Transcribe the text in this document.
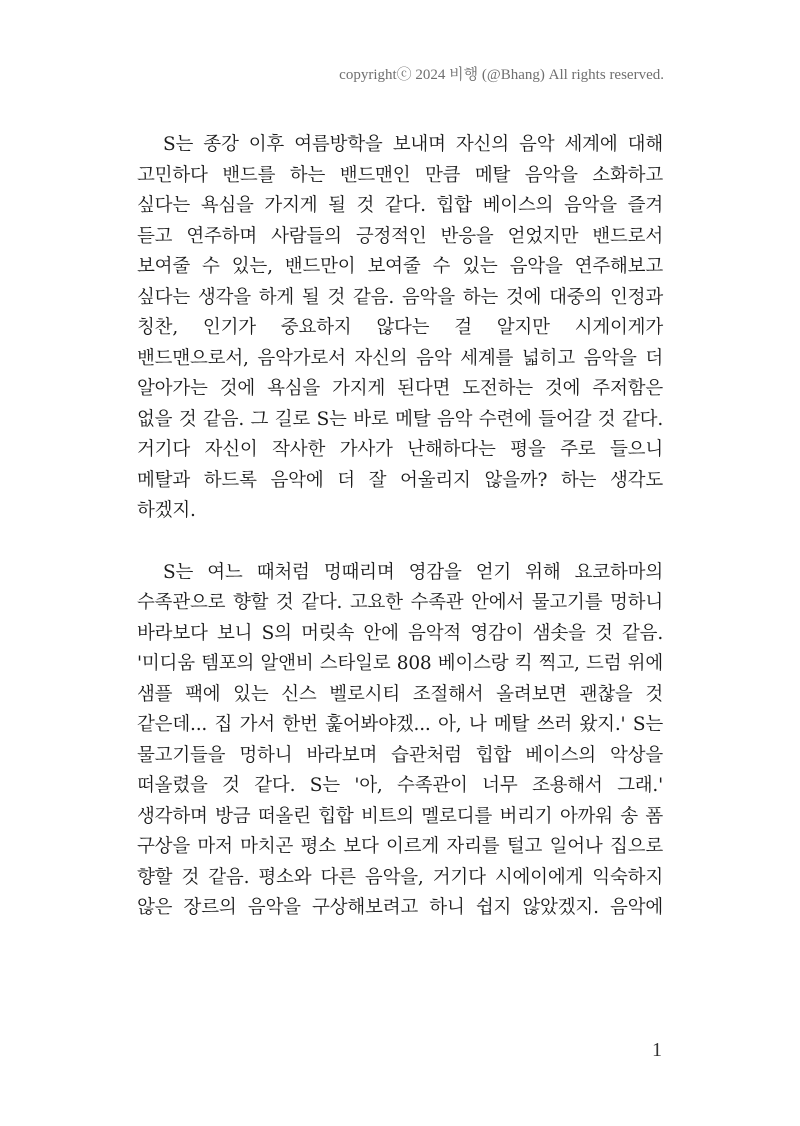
copyrightⓒ 2024 비행 (@Bhang) All rights reserved.
S는 종강 이후 여름방학을 보내며 자신의 음악 세계에 대해
고민하다 밴드를 하는 밴드맨인 만큼 메탈 음악을 소화하고
싶다는 욕심을 가지게 될 것 같다. 힙합 베이스의 음악을 즐겨
듣고 연주하며 사람들의 긍정적인 반응을 얻었지만 밴드로서
보여줄 수 있는, 밴드만이 보여줄 수 있는 음악을 연주해보고
싶다는 생각을 하게 될 것 같음. 음악을 하는 것에 대중의 인정과
칭찬, 인기가 중요하지 않다는 걸 알지만 시게이게가
밴드맨으로서, 음악가로서 자신의 음악 세계를 넓히고 음악을 더
알아가는 것에 욕심을 가지게 된다면 도전하는 것에 주저함은
없을 것 같음. 그 길로 S는 바로 메탈 음악 수련에 들어갈 것 같다.
거기다 자신이 작사한 가사가 난해하다는 평을 주로 들으니
메탈과 하드록 음악에 더 잘 어울리지 않을까? 하는 생각도
하겠지.
S는 여느 때처럼 멍때리며 영감을 얻기 위해 요코하마의
수족관으로 향할 것 같다. 고요한 수족관 안에서 물고기를 멍하니
바라보다 보니 S의 머릿속 안에 음악적 영감이 샘솟을 것 같음.
'미디움 템포의 알앤비 스타일로 808 베이스랑 킥 찍고, 드럼 위에
샘플 팩에 있는 신스 벨로시티 조절해서 올려보면 괜찮을 것
같은데... 집 가서 한번 훑어봐야겠... 아, 나 메탈 쓰러 왔지.' S는
물고기들을 멍하니 바라보며 습관처럼 힙합 베이스의 악상을
떠올렸을 것 같다. S는 '아, 수족관이 너무 조용해서 그래.'
생각하며 방금 떠올린 힙합 비트의 멜로디를 버리기 아까워 송 폼
구상을 마저 마치곤 평소 보다 이르게 자리를 털고 일어나 집으로
향할 것 같음. 평소와 다른 음악을, 거기다 시에이에게 익숙하지
않은 장르의 음악을 구상해보려고 하니 쉽지 않았겠지. 음악에
1
